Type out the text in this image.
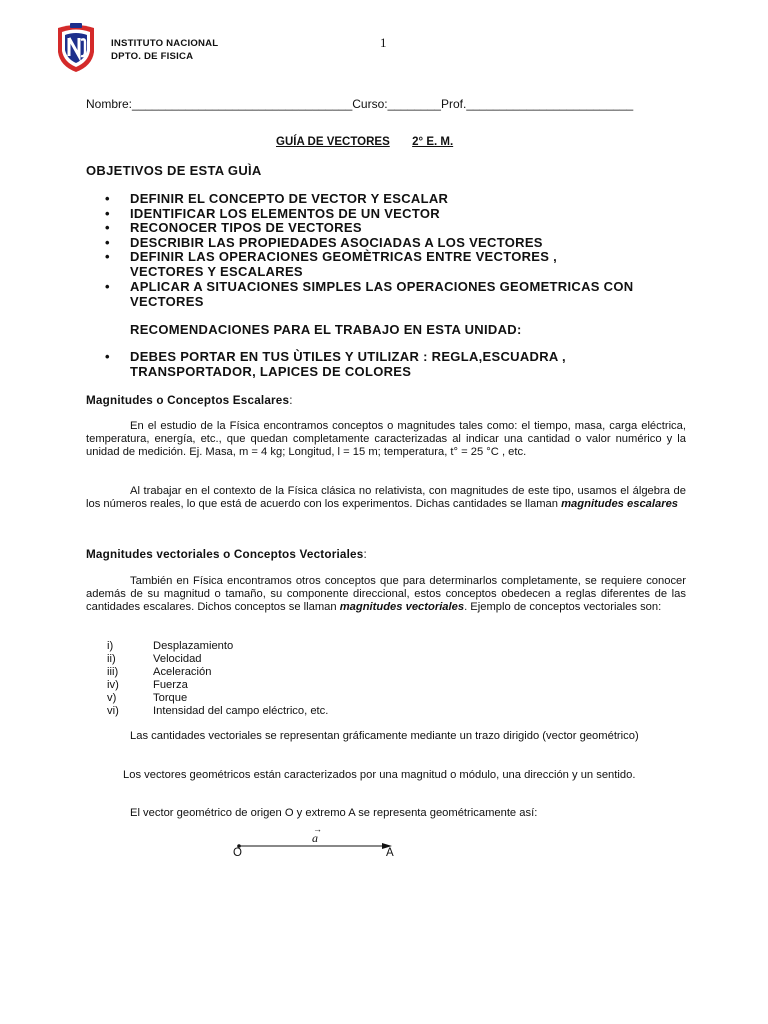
INSTITUTO NACIONAL
DPTO. DE FISICA
1
Nombre:_________________________________Curso:________Prof._________________________
GUÍA DE VECTORES 2° E. M.
OBJETIVOS DE ESTA GUÌA
• DEFINIR EL CONCEPTO DE VECTOR Y ESCALAR
• IDENTIFICAR LOS ELEMENTOS DE UN VECTOR
• RECONOCER TIPOS DE VECTORES
• DESCRIBIR LAS PROPIEDADES ASOCIADAS A LOS VECTORES
• DEFINIR LAS OPERACIONES GEOMÈTRICAS ENTRE VECTORES , VECTORES Y ESCALARES
• APLICAR A SITUACIONES SIMPLES LAS OPERACIONES GEOMETRICAS CON VECTORES
RECOMENDACIONES PARA EL TRABAJO EN ESTA UNIDAD:
• DEBES PORTAR EN TUS ÙTILES Y UTILIZAR : REGLA,ESCUADRA , TRANSPORTADOR, LAPICES DE COLORES
Magnitudes o Conceptos Escalares:
En el estudio de la Física encontramos conceptos o magnitudes tales como: el tiempo, masa, carga eléctrica, temperatura, energía, etc., que quedan completamente caracterizadas al indicar una cantidad o valor numérico y la unidad de medición. Ej. Masa, m = 4 kg; Longitud, l = 15 m; temperatura, t° = 25 °C , etc.
Al trabajar en el contexto de la Física clásica no relativista, con magnitudes de este tipo, usamos el álgebra de los números reales, lo que está de acuerdo con los experimentos. Dichas cantidades se llaman magnitudes escalares
Magnitudes vectoriales o Conceptos Vectoriales:
También en Física encontramos otros conceptos que para determinarlos completamente, se requiere conocer además de su magnitud o tamaño, su componente direccional, estos conceptos obedecen a reglas diferentes de las cantidades escalares. Dichos conceptos se llaman magnitudes vectoriales. Ejemplo de conceptos vectoriales son:
i)	Desplazamiento
ii)	Velocidad
iii)	Aceleración
iv)	Fuerza
v)	Torque
vi)	Intensidad del campo eléctrico, etc.
Las cantidades vectoriales se representan gráficamente mediante un trazo dirigido (vector geométrico)
Los vectores geométricos están caracterizados por una magnitud o módulo, una dirección y un sentido.
El vector geométrico de origen O y extremo A se representa geométricamente así:
→
a
O	A
